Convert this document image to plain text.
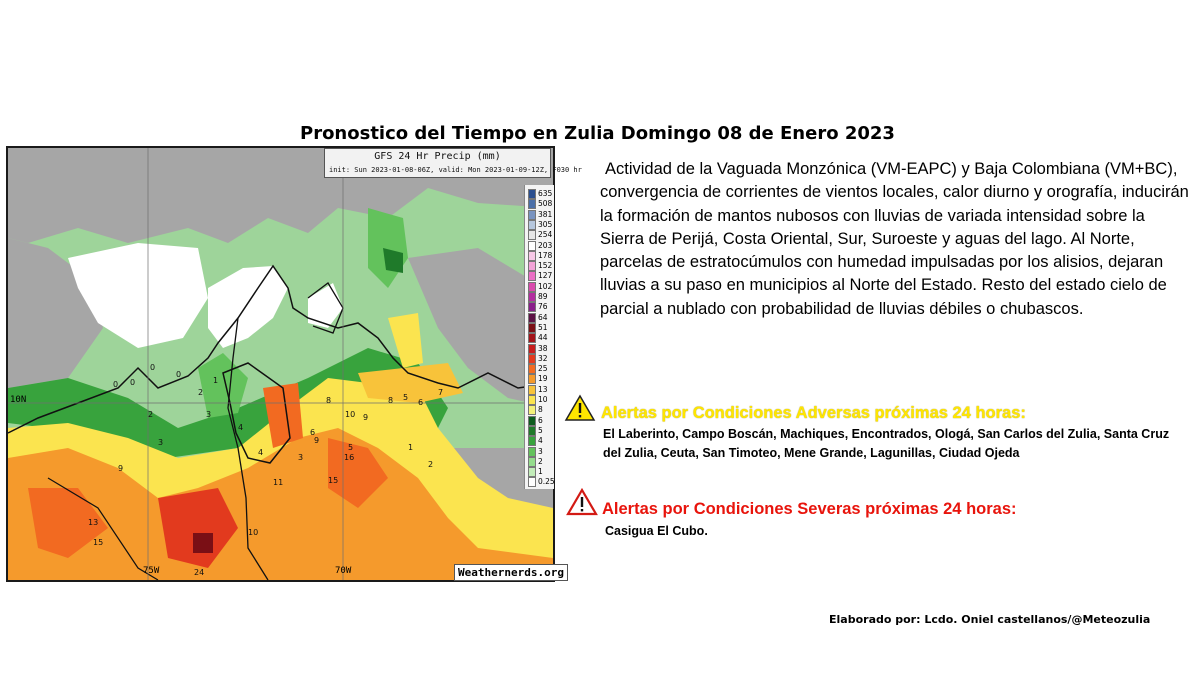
Pronostico del Tiempo en Zulia Domingo 08 de Enero 2023
GFS 24 Hr Precip (mm)
init: Sun 2023-01-08-06Z, valid: Mon 2023-01-09-12Z, F030 hr
635
508
381
305
254
203
178
152
127
102
89
76
64
51
44
38
32
25
19
13
10
8
6
5
4
3
2
1
0.25
10N
75W	70W
0
0
0
0	1
2
3
2
3
4
4
3
5
6
9
10
8
9
16
15
11
13
15
10
24
2
1
5
8	6
7
9
Weathernerds.org

Actividad de la Vaguada Monzónica (VM-EAPC) y Baja Colombiana (VM+BC), convergencia de corrientes de vientos locales, calor diurno y orografía, inducirán la formación de mantos nubosos con lluvias de variada intensidad sobre la Sierra de Perijá, Costa Oriental, Sur, Suroeste y aguas del lago. Al Norte, parcelas de estratocúmulos con humedad impulsadas por los alisios, dejaran lluvias a su paso en municipios al Norte del Estado. Resto del estado cielo de parcial a nublado con probabilidad de lluvias débiles o chubascos.

Alertas por Condiciones Adversas próximas 24 horas:

El Laberinto, Campo Boscán, Machiques, Encontrados, Ologá, San Carlos del Zulia, Santa Cruz del Zulia, Ceuta, San Timoteo, Mene Grande, Lagunillas, Ciudad Ojeda

Alertas por Condiciones Severas próximas 24 horas:

Casigua El Cubo.

Elaborado por: Lcdo. Oniel castellanos/@Meteozulia
